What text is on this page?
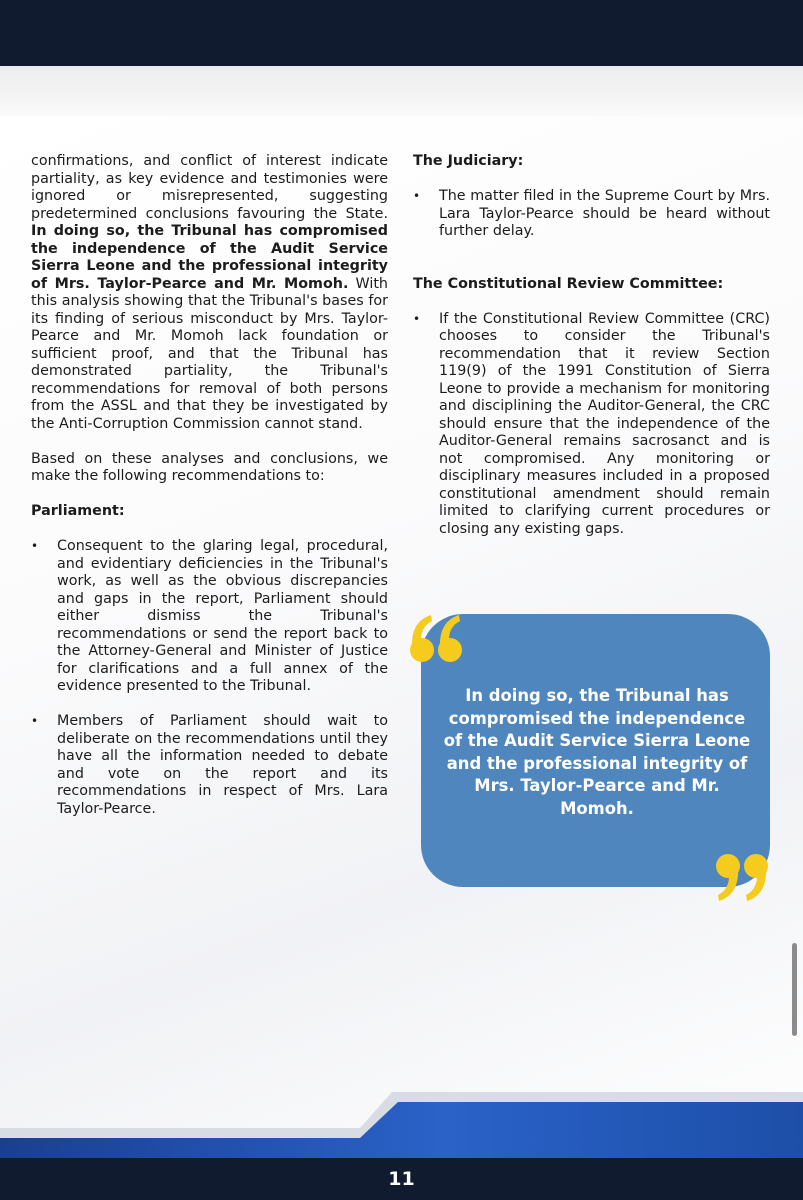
confirmations, and conflict of interest indicate partiality, as key evidence and testimonies were ignored or misrepresented, suggesting predetermined conclusions favouring the State. In doing so, the Tribunal has compromised the independence of the Audit Service Sierra Leone and the professional integrity of Mrs. Taylor-Pearce and Mr. Momoh. With this analysis showing that the Tribunal's bases for its finding of serious misconduct by Mrs. Taylor-Pearce and Mr. Momoh lack foundation or sufficient proof, and that the Tribunal has demonstrated partiality, the Tribunal's recommendations for removal of both persons from the ASSL and that they be investigated by the Anti-Corruption Commission cannot stand.

Based on these analyses and conclusions, we make the following recommendations to:

Parliament:

• Consequent to the glaring legal, procedural, and evidentiary deficiencies in the Tribunal's work, as well as the obvious discrepancies and gaps in the report, Parliament should either dismiss the Tribunal's recommendations or send the report back to the Attorney-General and Minister of Justice for clarifications and a full annex of the evidence presented to the Tribunal.
• Members of Parliament should wait to deliberate on the recommendations until they have all the information needed to debate and vote on the report and its recommendations in respect of Mrs. Lara Taylor-Pearce.

The Judiciary:

• The matter filed in the Supreme Court by Mrs. Lara Taylor-Pearce should be heard without further delay.

The Constitutional Review Committee:

• If the Constitutional Review Committee (CRC) chooses to consider the Tribunal's recommendation that it review Section 119(9) of the 1991 Constitution of Sierra Leone to provide a mechanism for monitoring and disciplining the Auditor-General, the CRC should ensure that the independence of the Auditor-General remains sacrosanct and is not compromised. Any monitoring or disciplinary measures included in a proposed constitutional amendment should remain limited to clarifying current procedures or closing any existing gaps.
In doing so, the Tribunal has compromised the independence of the Audit Service Sierra Leone and the professional integrity of Mrs. Taylor-Pearce and Mr. Momoh.
11
